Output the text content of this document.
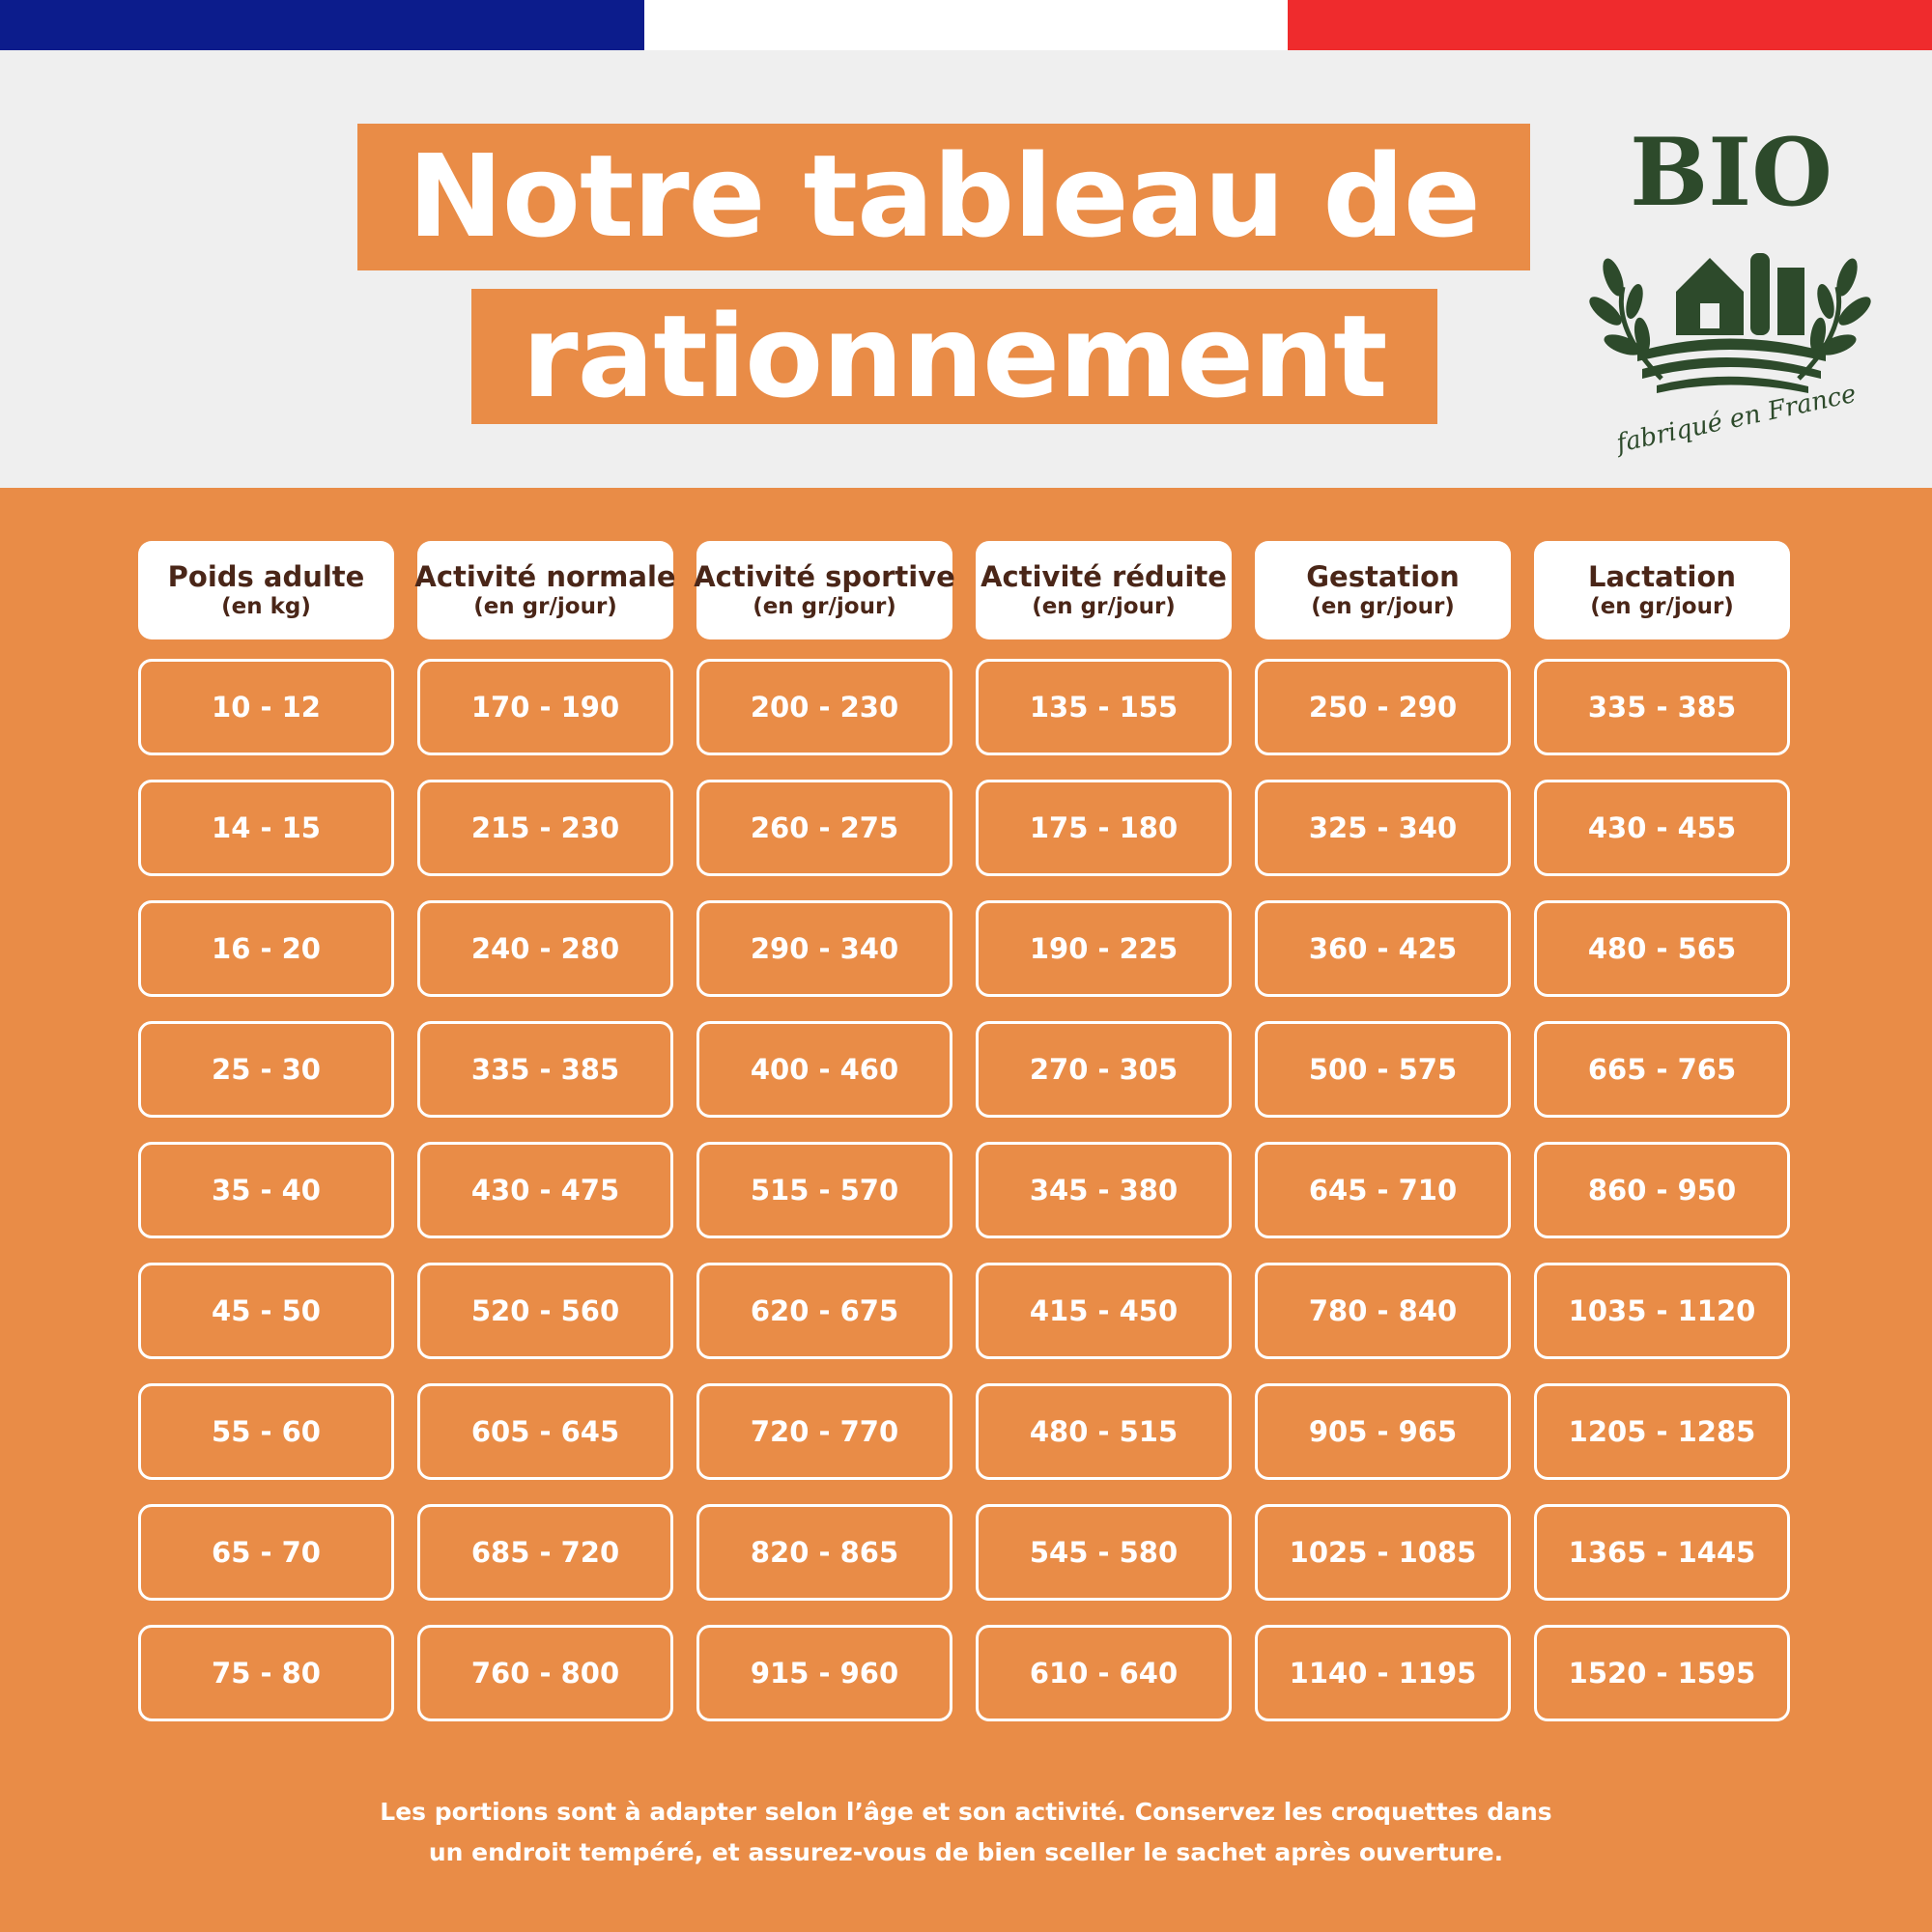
Notre tableau de
rationnement
BIO
fabriqué en France
Poids adulte
(en kg)
Activité normale
(en gr/jour)
Activité sportive
(en gr/jour)
Activité réduite
(en gr/jour)
Gestation
(en gr/jour)
Lactation
(en gr/jour)
10 - 12	170 - 190	200 - 230	135 - 155	250 - 290	335 - 385
14 - 15	215 - 230	260 - 275	175 - 180	325 - 340	430 - 455
16 - 20	240 - 280	290 - 340	190 - 225	360 - 425	480 - 565
25 - 30	335 - 385	400 - 460	270 - 305	500 - 575	665 - 765
35 - 40	430 - 475	515 - 570	345 - 380	645 - 710	860 - 950
45 - 50	520 - 560	620 - 675	415 - 450	780 - 840	1035 - 1120
55 - 60	605 - 645	720 - 770	480 - 515	905 - 965	1205 - 1285
65 - 70	685 - 720	820 - 865	545 - 580	1025 - 1085	1365 - 1445
75 - 80	760 - 800	915 - 960	610 - 640	1140 - 1195	1520 - 1595
Les portions sont à adapter selon l’âge et son activité. Conservez les croquettes dans
un endroit tempéré, et assurez-vous de bien sceller le sachet après ouverture.
